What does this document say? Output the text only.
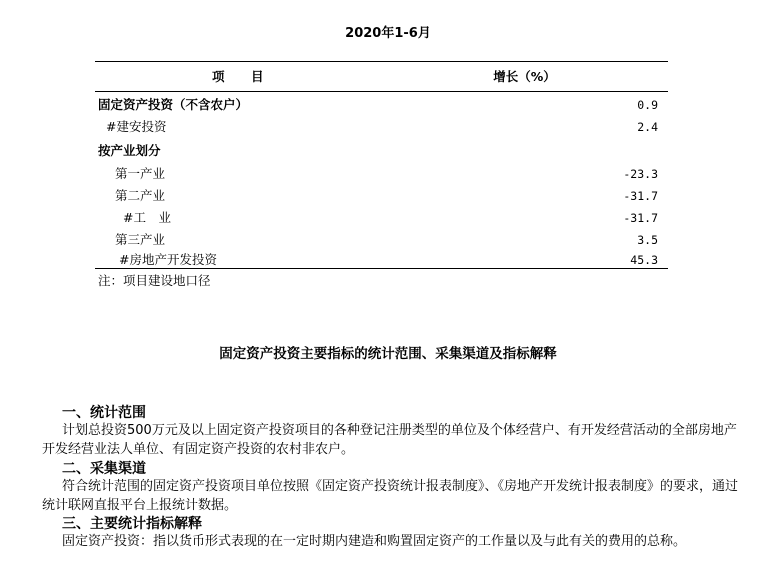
2020年1-6月
项　　目	增长（%）
固定资产投资（不含农户）	0.9
#建安投资	2.4
按产业划分
第一产业	-23.3
第二产业	-31.7
#工　业	-31.7
第三产业	3.5
#房地产开发投资	45.3
注：项目建设地口径
固定资产投资主要指标的统计范围、采集渠道及指标解释
一、统计范围
计划总投资500万元及以上固定资产投资项目的各种登记注册类型的单位及个体经营户、有开发经营活动的全部房地产开发经营业法人单位、有固定资产投资的农村非农户。
二、采集渠道
符合统计范围的固定资产投资项目单位按照《固定资产投资统计报表制度》、《房地产开发统计报表制度》的要求，通过统计联网直报平台上报统计数据。
三、主要统计指标解释
固定资产投资：指以货币形式表现的在一定时期内建造和购置固定资产的工作量以及与此有关的费用的总称。
